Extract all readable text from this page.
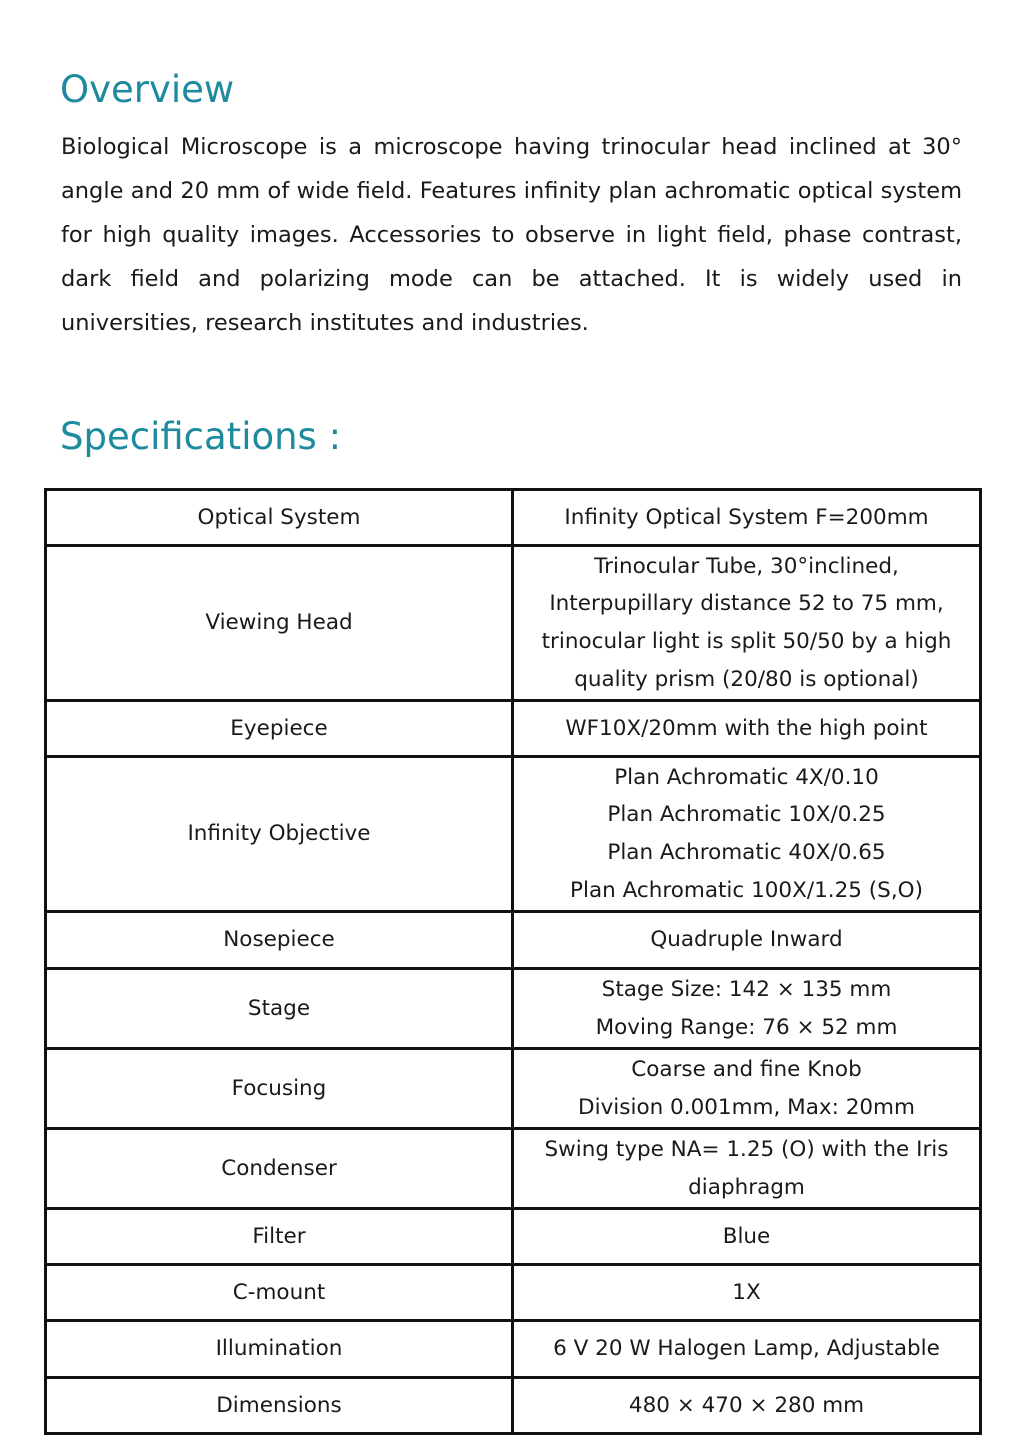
Overview

Biological Microscope is a microscope having trinocular head inclined at 30° angle and 20 mm of wide field. Features infinity plan achromatic optical system for high quality images. Accessories to observe in light field, phase contrast, dark field and polarizing mode can be attached. It is widely used in universities, research institutes and industries.

Specifications :
Optical System	Infinity Optical System F=200mm

Viewing Head	Trinocular Tube, 30°inclined,
Interpupillary distance 52 to 75 mm,
trinocular light is split 50/50 by a high
quality prism (20/80 is optional)

Eyepiece	WF10X/20mm with the high point

Infinity Objective	Plan Achromatic 4X/0.10
Plan Achromatic 10X/0.25
Plan Achromatic 40X/0.65
Plan Achromatic 100X/1.25 (S,O)

Nosepiece	Quadruple Inward

Stage	Stage Size: 142 × 135 mm
Moving Range: 76 × 52 mm

Focusing	Coarse and fine Knob
Division 0.001mm, Max: 20mm

Condenser	Swing type NA= 1.25 (O) with the Iris
diaphragm

Filter	Blue

C-mount	1X

Illumination	6 V 20 W Halogen Lamp, Adjustable

Dimensions	480 × 470 × 280 mm
